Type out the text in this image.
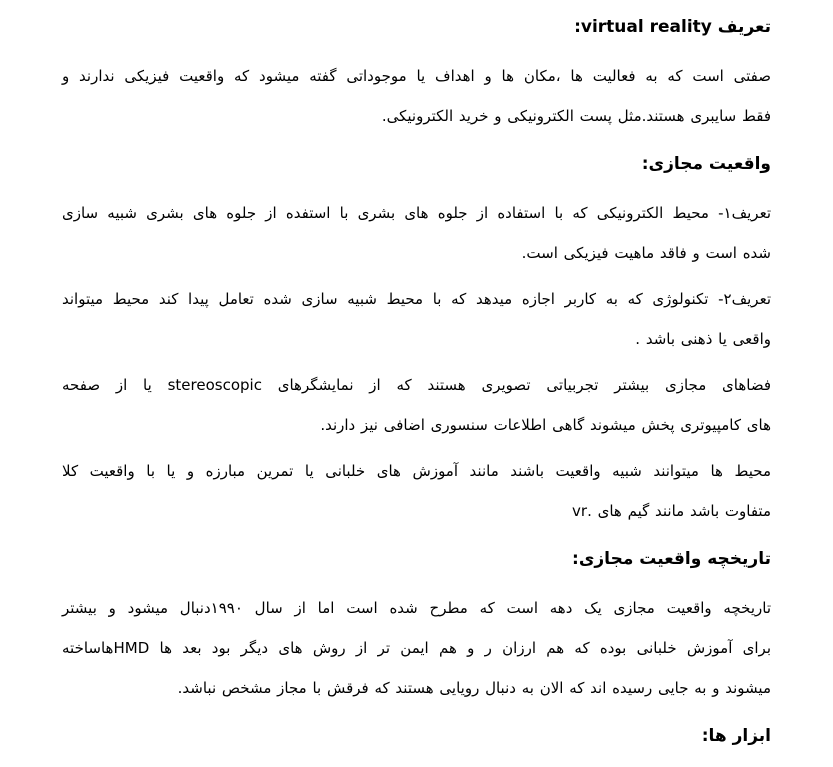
تعریف virtual reality:

صفتی است که به فعالیت ها ،مکان ها و اهداف یا موجوداتی گفته میشود که واقعیت فیزیکی ندارند و
فقط سایبری هستند.مثل پست الکترونیکی و خرید الکترونیکی.

واقعیت مجازی:

تعریف۱- محیط الکترونیکی که با استفاده از جلوه های بشری با استفده از جلوه های بشری شبیه سازی
شده است و فاقد ماهیت فیزیکی است.

تعریف۲- تکنولوژی که به کاربر اجازه میدهد که با محیط شبیه سازی شده تعامل پیدا کند محیط میتواند
واقعی یا ذهنی باشد .

فضاهای مجازی بیشتر تجربیاتی تصویری هستند که از نمایشگرهای stereoscopic یا از صفحه
های کامپیوتری پخش میشوند گاهی اطلاعات سنسوری اضافی نیز دارند.

محیط ها میتوانند شبیه واقعیت باشند مانند آموزش های خلبانی یا تمرین مبارزه و یا با واقعیت کلا
متفاوت باشد مانند گیم های .vr

تاریخچه واقعیت مجازی:

تاریخچه واقعیت مجازی یک دهه است که مطرح شده است اما از سال ۱۹۹۰دنبال میشود و بیشتر
برای آموزش خلبانی بوده که هم ارزان ر و هم ایمن تر از روش های دیگر بود بعد ها HMDهاساخته
میشوند و به جایی رسیده اند که الان به دنبال رویایی هستند که فرقش با مجاز مشخص نباشد.

ابزار ها:
